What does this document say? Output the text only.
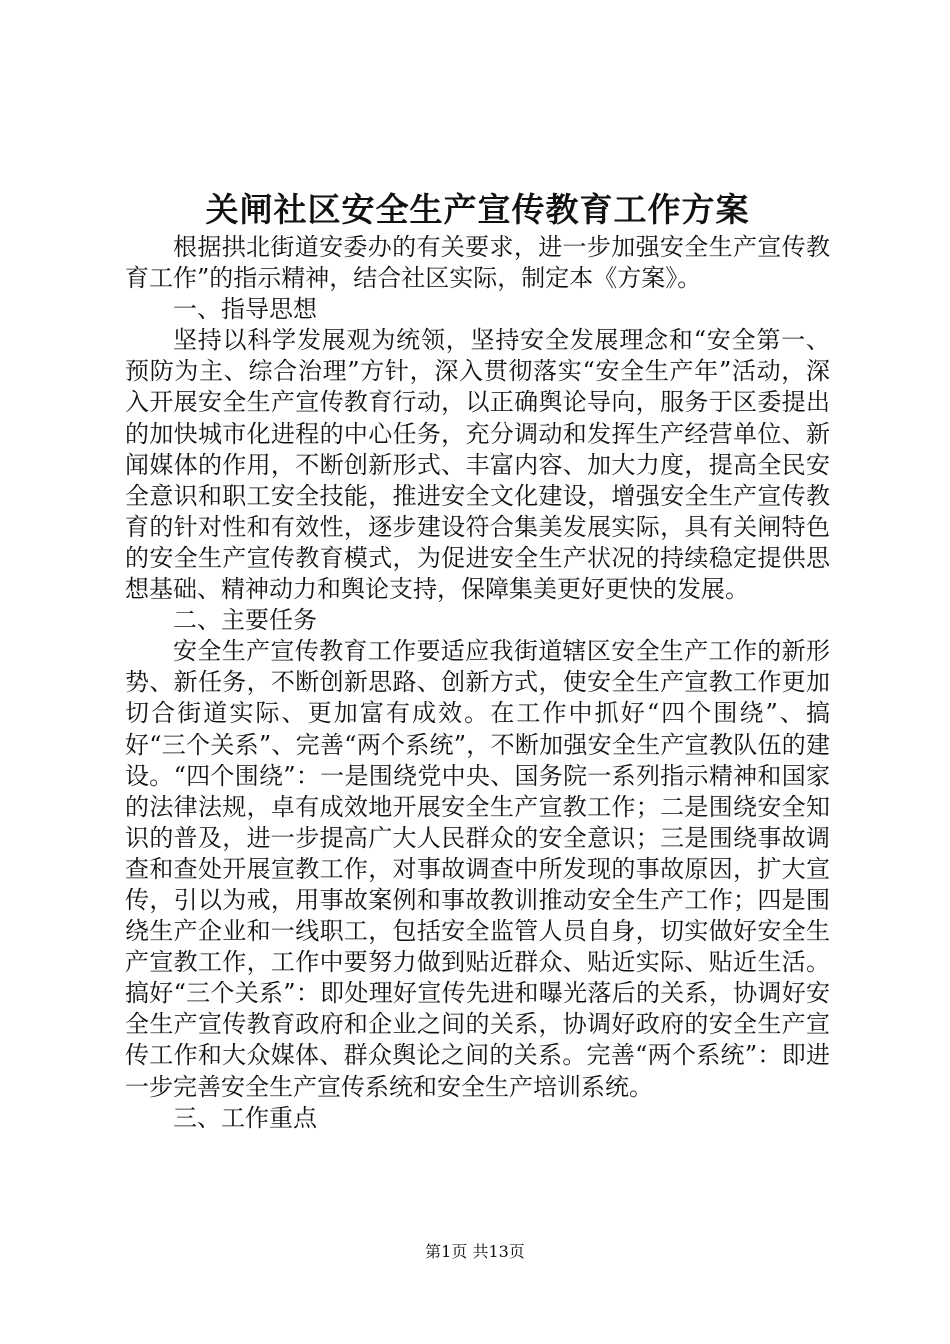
关闸社区安全生产宣传教育工作方案

根据拱北街道安委办的有关要求，进一步加强安全生产宣传教育工作”的指示精神，结合社区实际，制定本《方案》。

一、指导思想

坚持以科学发展观为统领，坚持安全发展理念和“安全第一、预防为主、综合治理”方针，深入贯彻落实“安全生产年”活动，深入开展安全生产宣传教育行动，以正确舆论导向，服务于区委提出的加快城市化进程的中心任务，充分调动和发挥生产经营单位、新闻媒体的作用，不断创新形式、丰富内容、加大力度，提高全民安全意识和职工安全技能，推进安全文化建设，增强安全生产宣传教育的针对性和有效性，逐步建设符合集美发展实际，具有关闸特色的安全生产宣传教育模式，为促进安全生产状况的持续稳定提供思想基础、精神动力和舆论支持，保障集美更好更快的发展。

二、主要任务

安全生产宣传教育工作要适应我街道辖区安全生产工作的新形势、新任务，不断创新思路、创新方式，使安全生产宣教工作更加切合街道实际、更加富有成效。在工作中抓好“四个围绕”、搞好“三个关系”、完善“两个系统”，不断加强安全生产宣教队伍的建设。“四个围绕”：一是围绕党中央、国务院一系列指示精神和国家的法律法规，卓有成效地开展安全生产宣教工作；二是围绕安全知识的普及，进一步提高广大人民群众的安全意识；三是围绕事故调查和查处开展宣教工作，对事故调查中所发现的事故原因，扩大宣传，引以为戒，用事故案例和事故教训推动安全生产工作；四是围绕生产企业和一线职工，包括安全监管人员自身，切实做好安全生产宣教工作，工作中要努力做到贴近群众、贴近实际、贴近生活。搞好“三个关系”：即处理好宣传先进和曝光落后的关系，协调好安全生产宣传教育政府和企业之间的关系，协调好政府的安全生产宣传工作和大众媒体、群众舆论之间的关系。完善“两个系统”：即进一步完善安全生产宣传系统和安全生产培训系统。

三、工作重点

第1页 共13页
